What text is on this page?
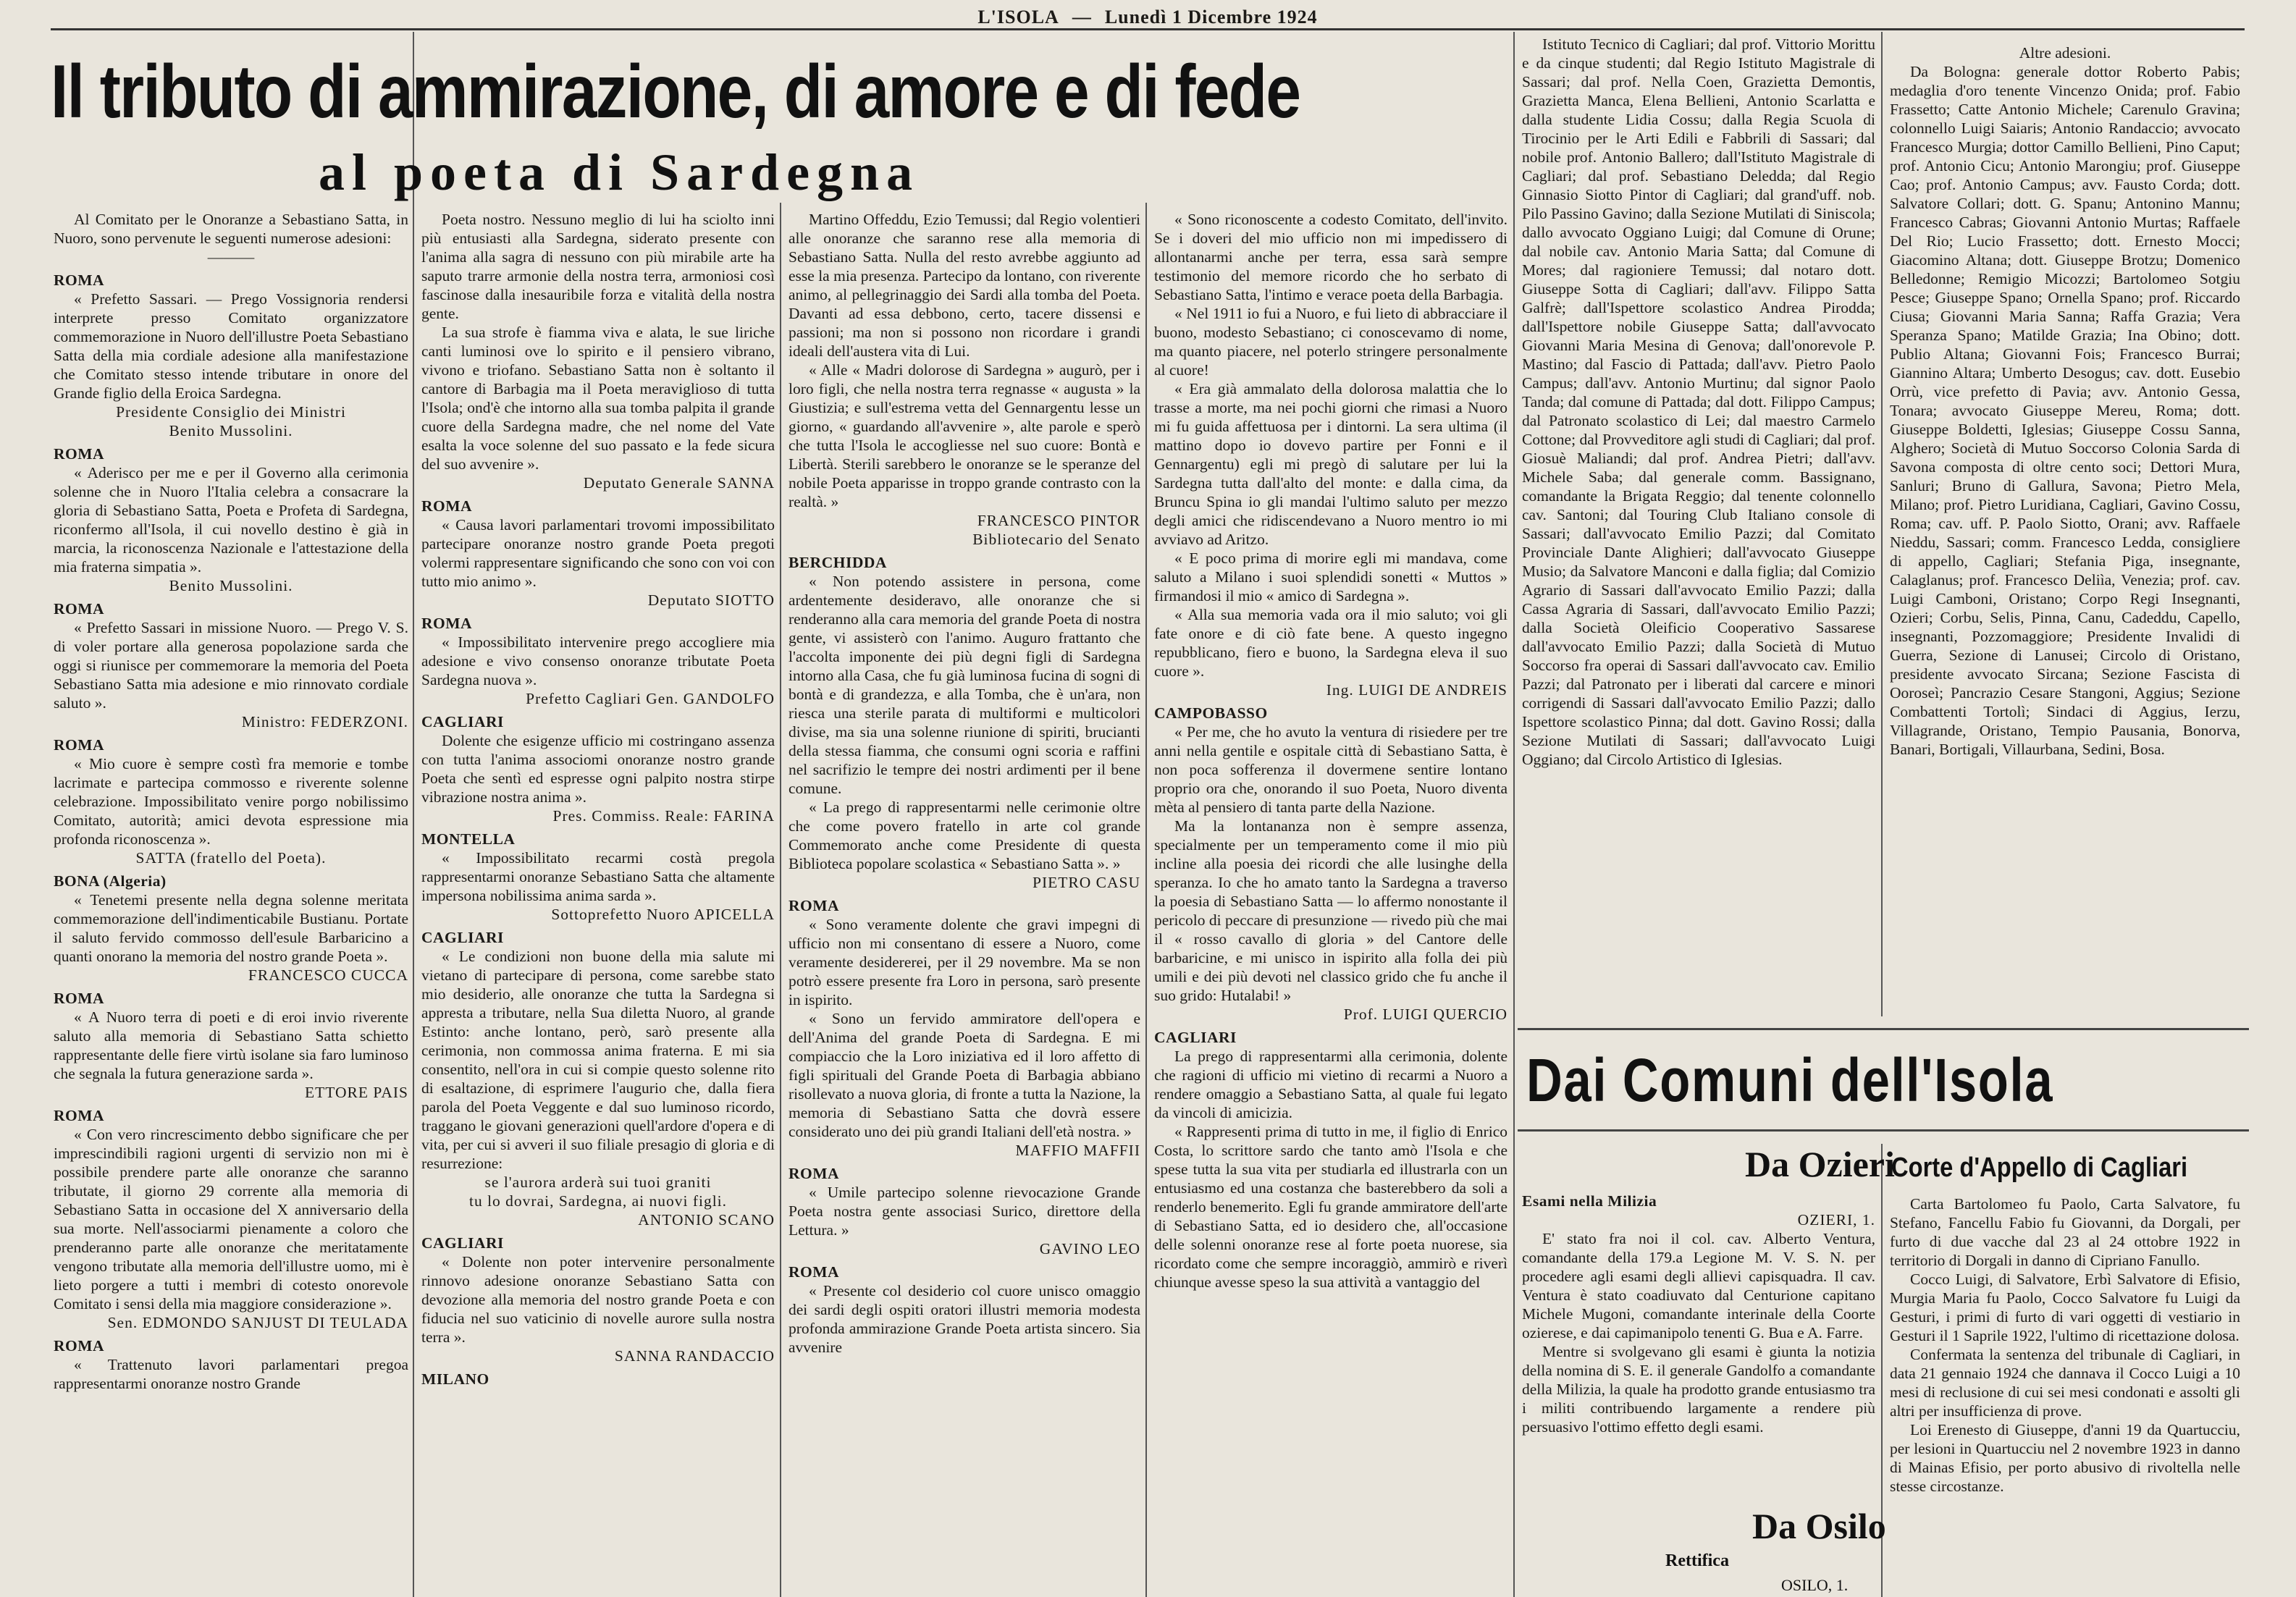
L'ISOLA — Lunedì 1 Dicembre 1924
Il tributo di ammirazione, di amore e di fede
al poeta di Sardegna

Al Comitato per le Onoranze a Sebastiano Satta, in Nuoro, sono pervenute le seguenti numerose adesioni:

———

ROMA

« Prefetto Sassari. — Prego Vossignoria rendersi interprete presso Comitato organizzatore commemorazione in Nuoro dell'illustre Poeta Sebastiano Satta della mia cordiale adesione alla manifestazione che Comitato stesso intende tributare in onore del Grande figlio della Eroica Sardegna.

Presidente Consiglio dei Ministri

Benito Mussolini.

ROMA

« Aderisco per me e per il Governo alla cerimonia solenne che in Nuoro l'Italia celebra a consacrare la gloria di Sebastiano Satta, Poeta e Profeta di Sardegna, riconfermo all'Isola, il cui novello destino è già in marcia, la riconoscenza Nazionale e l'attestazione della mia fraterna simpatia ».

Benito Mussolini.

ROMA

« Prefetto Sassari in missione Nuoro. — Prego V. S. di voler portare alla generosa popolazione sarda che oggi si riunisce per commemorare la memoria del Poeta Sebastiano Satta mia adesione e mio rinnovato cordiale saluto ».

Ministro: FEDERZONI.

ROMA

« Mio cuore è sempre costì fra memorie e tombe lacrimate e partecipa commosso e riverente solenne celebrazione. Impossibilitato venire porgo nobilissimo Comitato, autorità; amici devota espressione mia profonda riconoscenza ».

SATTA (fratello del Poeta).

BONA (Algeria)

« Tenetemi presente nella degna solenne meritata commemorazione dell'indimenticabile Bustianu. Portate il saluto fervido commosso dell'esule Barbaricino a quanti onorano la memoria del nostro grande Poeta ».

FRANCESCO CUCCA

ROMA

« A Nuoro terra di poeti e di eroi invio riverente saluto alla memoria di Sebastiano Satta schietto rappresentante delle fiere virtù isolane sia faro luminoso che segnala la futura generazione sarda ».

ETTORE PAIS

ROMA

« Con vero rincrescimento debbo significare che per imprescindibili ragioni urgenti di servizio non mi è possibile prendere parte alle onoranze che saranno tributate, il giorno 29 corrente alla memoria di Sebastiano Satta in occasione del X anniversario della sua morte. Nell'associarmi pienamente a coloro che prenderanno parte alle onoranze che meritatamente vengono tributate alla memoria dell'illustre uomo, mi è lieto porgere a tutti i membri di cotesto onorevole Comitato i sensi della mia maggiore considerazione ».

Sen. EDMONDO SANJUST DI TEULADA

ROMA

« Trattenuto lavori parlamentari pregoa rappresentarmi onoranze nostro Grande

Poeta nostro. Nessuno meglio di lui ha sciolto inni più entusiasti alla Sardegna, siderato presente con l'anima alla sagra di nessuno con più mirabile arte ha saputo trarre armonie della nostra terra, armoniosi così fascinose dalla inesauribile forza e vitalità della nostra gente.

La sua strofe è fiamma viva e alata, le sue liriche canti luminosi ove lo spirito e il pensiero vibrano, vivono e triofano. Sebastiano Satta non è soltanto il cantore di Barbagia ma il Poeta meraviglioso di tutta l'Isola; ond'è che intorno alla sua tomba palpita il grande cuore della Sardegna madre, che nel nome del Vate esalta la voce solenne del suo passato e la fede sicura del suo avvenire ».

Deputato Generale SANNA

ROMA

« Causa lavori parlamentari trovomi impossibilitato partecipare onoranze nostro grande Poeta pregoti volermi rappresentare significando che sono con voi con tutto mio animo ».

Deputato SIOTTO

ROMA

« Impossibilitato intervenire prego accogliere mia adesione e vivo consenso onoranze tributate Poeta Sardegna nuova ».

Prefetto Cagliari Gen. GANDOLFO

CAGLIARI

Dolente che esigenze ufficio mi costringano assenza con tutta l'anima associomi onoranze nostro grande Poeta che sentì ed espresse ogni palpito nostra stirpe vibrazione nostra anima ».

Pres. Commiss. Reale: FARINA

MONTELLA

« Impossibilitato recarmi costà pregola rappresentarmi onoranze Sebastiano Satta che altamente impersona nobilissima anima sarda ».

Sottoprefetto Nuoro APICELLA

CAGLIARI

« Le condizioni non buone della mia salute mi vietano di partecipare di persona, come sarebbe stato mio desiderio, alle onoranze che tutta la Sardegna si appresta a tributare, nella Sua diletta Nuoro, al grande Estinto: anche lontano, però, sarò presente alla cerimonia, non commossa anima fraterna. E mi sia consentito, nell'ora in cui si compie questo solenne rito di esaltazione, di esprimere l'augurio che, dalla fiera parola del Poeta Veggente e dal suo luminoso ricordo, traggano le giovani generazioni quell'ardore d'opera e di vita, per cui si avveri il suo filiale presagio di gloria e di resurrezione:

se l'aurora arderà sui tuoi graniti

tu lo dovrai, Sardegna, ai nuovi figli.

ANTONIO SCANO

CAGLIARI

« Dolente non poter intervenire personalmente rinnovo adesione onoranze Sebastiano Satta con devozione alla memoria del nostro grande Poeta e con fiducia nel suo vaticinio di novelle aurore sulla nostra terra ».

SANNA RANDACCIO

MILANO

Martino Offeddu, Ezio Temussi; dal Regio volentieri alle onoranze che saranno rese alla memoria di Sebastiano Satta. Nulla del resto avrebbe aggiunto ad esse la mia presenza. Partecipo da lontano, con riverente animo, al pellegrinaggio dei Sardi alla tomba del Poeta. Davanti ad essa debbono, certo, tacere dissensi e passioni; ma non si possono non ricordare i grandi ideali dell'austera vita di Lui.

« Alle « Madri dolorose di Sardegna » augurò, per i loro figli, che nella nostra terra regnasse « augusta » la Giustizia; e sull'estrema vetta del Gennargentu lesse un giorno, « guardando all'avvenire », alte parole e sperò che tutta l'Isola le accogliesse nel suo cuore: Bontà e Libertà. Sterili sarebbero le onoranze se le speranze del nobile Poeta apparisse in troppo grande contrasto con la realtà. »

FRANCESCO PINTOR

Bibliotecario del Senato

BERCHIDDA

« Non potendo assistere in persona, come ardentemente desideravo, alle onoranze che si renderanno alla cara memoria del grande Poeta di nostra gente, vi assisterò con l'animo. Auguro frattanto che l'accolta imponente dei più degni figli di Sardegna intorno alla Casa, che fu già luminosa fucina di sogni di bontà e di grandezza, e alla Tomba, che è un'ara, non riesca una sterile parata di multiformi e multicolori divise, ma sia una solenne riunione di spiriti, brucianti della stessa fiamma, che consumi ogni scoria e raffini nel sacrifizio le tempre dei nostri ardimenti per il bene comune.

« La prego di rappresentarmi nelle cerimonie oltre che come povero fratello in arte col grande Commemorato anche come Presidente di questa Biblioteca popolare scolastica « Sebastiano Satta ». »

PIETRO CASU

ROMA

« Sono veramente dolente che gravi impegni di ufficio non mi consentano di essere a Nuoro, come veramente desidererei, per il 29 novembre. Ma se non potrò essere presente fra Loro in persona, sarò presente in ispirito.

« Sono un fervido ammiratore dell'opera e dell'Anima del grande Poeta di Sardegna. E mi compiaccio che la Loro iniziativa ed il loro affetto di figli spirituali del Grande Poeta di Barbagia abbiano risollevato a nuova gloria, di fronte a tutta la Nazione, la memoria di Sebastiano Satta che dovrà essere considerato uno dei più grandi Italiani dell'età nostra. »

MAFFIO MAFFII

ROMA

« Umile partecipo solenne rievocazione Grande Poeta nostra gente associasi Surico, direttore della Lettura. »

GAVINO LEO

ROMA

« Presente col desiderio col cuore unisco omaggio dei sardi degli ospiti oratori illustri memoria modesta profonda ammirazione Grande Poeta artista sincero. Sia avvenire

« Sono riconoscente a codesto Comitato, dell'invito. Se i doveri del mio ufficio non mi impedissero di allontanarmi anche per terra, essa sarà sempre testimonio del memore ricordo che ho serbato di Sebastiano Satta, l'intimo e verace poeta della Barbagia.

« Nel 1911 io fui a Nuoro, e fui lieto di abbracciare il buono, modesto Sebastiano; ci conoscevamo di nome, ma quanto piacere, nel poterlo stringere personalmente al cuore!

« Era già ammalato della dolorosa malattia che lo trasse a morte, ma nei pochi giorni che rimasi a Nuoro mi fu guida affettuosa per i dintorni. La sera ultima (il mattino dopo io dovevo partire per Fonni e il Gennargentu) egli mi pregò di salutare per lui la Sardegna tutta dall'alto del monte: e dalla cima, da Bruncu Spina io gli mandai l'ultimo saluto per mezzo degli amici che ridiscendevano a Nuoro mentro io mi avviavo ad Aritzo.

« E poco prima di morire egli mi mandava, come saluto a Milano i suoi splendidi sonetti « Muttos » firmandosi il mio « amico di Sardegna ».

« Alla sua memoria vada ora il mio saluto; voi gli fate onore e di ciò fate bene. A questo ingegno repubblicano, fiero e buono, la Sardegna eleva il suo cuore ».

Ing. LUIGI DE ANDREIS

CAMPOBASSO

« Per me, che ho avuto la ventura di risiedere per tre anni nella gentile e ospitale città di Sebastiano Satta, è non poca sofferenza il dovermene sentire lontano proprio ora che, onorando il suo Poeta, Nuoro diventa mèta al pensiero di tanta parte della Nazione.

Ma la lontananza non è sempre assenza, specialmente per un temperamento come il mio più incline alla poesia dei ricordi che alle lusinghe della speranza. Io che ho amato tanto la Sardegna a traverso la poesia di Sebastiano Satta — lo affermo nonostante il pericolo di peccare di presunzione — rivedo più che mai il « rosso cavallo di gloria » del Cantore delle barbaricine, e mi unisco in ispirito alla folla dei più umili e dei più devoti nel classico grido che fu anche il suo grido: Hutalabi! »

Prof. LUIGI QUERCIO

CAGLIARI

La prego di rappresentarmi alla cerimonia, dolente che ragioni di ufficio mi vietino di recarmi a Nuoro a rendere omaggio a Sebastiano Satta, al quale fui legato da vincoli di amicizia.

« Rappresenti prima di tutto in me, il figlio di Enrico Costa, lo scrittore sardo che tanto amò l'Isola e che spese tutta la sua vita per studiarla ed illustrarla con un entusiasmo ed una costanza che basterebbero da soli a renderlo benemerito. Egli fu grande ammiratore dell'arte di Sebastiano Satta, ed io desidero che, all'occasione delle solenni onoranze rese al forte poeta nuorese, sia ricordato come che sempre incoraggiò, ammirò e riverì chiunque avesse speso la sua attività a vantaggio del

Istituto Tecnico di Cagliari; dal prof. Vittorio Morittu e da cinque studenti; dal Regio Istituto Magistrale di Sassari; dal prof. Nella Coen, Grazietta Demontis, Grazietta Manca, Elena Bellieni, Antonio Scarlatta e dalla studente Lidia Cossu; dalla Regia Scuola di Tirocinio per le Arti Edili e Fabbrili di Sassari; dal nobile prof. Antonio Ballero; dall'Istituto Magistrale di Cagliari; dal prof. Sebastiano Deledda; dal Regio Ginnasio Siotto Pintor di Cagliari; dal grand'uff. nob. Pilo Passino Gavino; dalla Sezione Mutilati di Siniscola; dallo avvocato Oggiano Luigi; dal Comune di Orune; dal nobile cav. Antonio Maria Satta; dal Comune di Mores; dal ragioniere Temussi; dal notaro dott. Giuseppe Sotta di Cagliari; dall'avv. Filippo Satta Galfrè; dall'Ispettore scolastico Andrea Pirodda; dall'Ispettore nobile Giuseppe Satta; dall'avvocato Giovanni Maria Mesina di Genova; dall'onorevole P. Mastino; dal Fascio di Pattada; dall'avv. Pietro Paolo Campus; dall'avv. Antonio Murtinu; dal signor Paolo Tanda; dal comune di Pattada; dal dott. Filippo Campus; dal Patronato scolastico di Lei; dal maestro Carmelo Cottone; dal Provveditore agli studi di Cagliari; dal prof. Giosuè Maliandi; dal prof. Andrea Pietri; dall'avv. Michele Saba; dal generale comm. Bassignano, comandante la Brigata Reggio; dal tenente colonnello cav. Santoni; dal Touring Club Italiano console di Sassari; dall'avvocato Emilio Pazzi; dal Comitato Provinciale Dante Alighieri; dall'avvocato Giuseppe Musio; da Salvatore Manconi e dalla figlia; dal Comizio Agrario di Sassari dall'avvocato Emilio Pazzi; dalla Cassa Agraria di Sassari, dall'avvocato Emilio Pazzi; dalla Società Oleificio Cooperativo Sassarese dall'avvocato Emilio Pazzi; dalla Società di Mutuo Soccorso fra operai di Sassari dall'avvocato cav. Emilio Pazzi; dal Patronato per i liberati dal carcere e minori corrigendi di Sassari dall'avvocato Emilio Pazzi; dallo Ispettore scolastico Pinna; dal dott. Gavino Rossi; dalla Sezione Mutilati di Sassari; dall'avvocato Luigi Oggiano; dal Circolo Artistico di Iglesias.

Altre adesioni.

Da Bologna: generale dottor Roberto Pabis; medaglia d'oro tenente Vincenzo Onida; prof. Fabio Frassetto; Catte Antonio Michele; Carenulo Gravina; colonnello Luigi Saiaris; Antonio Randaccio; avvocato Francesco Murgia; dottor Camillo Bellieni, Pino Caput; prof. Antonio Cicu; Antonio Marongiu; prof. Giuseppe Cao; prof. Antonio Campus; avv. Fausto Corda; dott. Salvatore Collari; dott. G. Spanu; Antonino Mannu; Francesco Cabras; Giovanni Antonio Murtas; Raffaele Del Rio; Lucio Frassetto; dott. Ernesto Mocci; Giacomino Altana; dott. Giuseppe Brotzu; Domenico Belledonne; Remigio Micozzi; Bartolomeo Sotgiu Pesce; Giuseppe Spano; Ornella Spano; prof. Riccardo Ciusa; Giovanni Maria Sanna; Raffa Grazia; Vera Speranza Spano; Matilde Grazia; Ina Obino; dott. Publio Altana; Giovanni Fois; Francesco Burrai; Giannino Altara; Umberto Desogus; cav. dott. Eusebio Orrù, vice prefetto di Pavia; avv. Antonio Gessa, Tonara; avvocato Giuseppe Mereu, Roma; dott. Giuseppe Boldetti, Iglesias; Giuseppe Cossu Sanna, Alghero; Società di Mutuo Soccorso Colonia Sarda di Savona composta di oltre cento soci; Dettori Mura, Sanluri; Bruno di Gallura, Savona; Pietro Mela, Milano; prof. Pietro Luridiana, Cagliari, Gavino Cossu, Roma; cav. uff. P. Paolo Siotto, Orani; avv. Raffaele Nieddu, Sassari; comm. Francesco Ledda, consigliere di appello, Cagliari; Stefania Piga, insegnante, Calaglanus; prof. Francesco Deliìa, Venezia; prof. cav. Luigi Camboni, Oristano; Corpo Regi Insegnanti, Ozieri; Corbu, Selis, Pinna, Canu, Cadeddu, Capello, insegnanti, Pozzomaggiore; Presidente Invalidi di Guerra, Sezione di Lanusei; Circolo di Oristano, presidente avvocato Sircana; Sezione Fascista di Ooroseì; Pancrazio Cesare Stangoni, Aggius; Sezione Combattenti Tortolì; Sindaci di Aggius, Ierzu, Villagrande, Oristano, Tempio Pausania, Bonorva, Banari, Bortigali, Villaurbana, Sedini, Bosa.

Dai Comuni dell'Isola
Da Ozieri

Esami nella Milizia

OZIERI, 1.

E' stato fra noi il col. cav. Alberto Ventura, comandante della 179.a Legione M. V. S. N. per procedere agli esami degli allievi capisquadra. Il cav. Ventura è stato coadiuvato dal Centurione capitano Michele Mugoni, comandante interinale della Coorte ozierese, e dai capimanipolo tenenti G. Bua e A. Farre.

Mentre si svolgevano gli esami è giunta la notizia della nomina di S. E. il generale Gandolfo a comandante della Milizia, la quale ha prodotto grande entusiasmo tra i militi contribuendo largamente a rendere più persuasivo l'ottimo effetto degli esami.

Da Osilo
Rettifica
OSILO, 1.
Corte d'Appello di Cagliari

Carta Bartolomeo fu Paolo, Carta Salvatore, fu Stefano, Fancellu Fabio fu Giovanni, da Dorgali, per furto di due vacche dal 23 al 24 ottobre 1922 in territorio di Dorgali in danno di Cipriano Fanullo.

Cocco Luigi, di Salvatore, Erbì Salvatore di Efisio, Murgia Maria fu Paolo, Cocco Salvatore fu Luigi da Gesturi, i primi di furto di vari oggetti di vestiario in Gesturi il 1 Saprile 1922, l'ultimo di ricettazione dolosa.

Confermata la sentenza del tribunale di Cagliari, in data 21 gennaio 1924 che dannava il Cocco Luigi a 10 mesi di reclusione di cui sei mesi condonati e assolti gli altri per insufficienza di prove.

Loi Erenesto di Giuseppe, d'anni 19 da Quartucciu, per lesioni in Quartucciu nel 2 novembre 1923 in danno di Mainas Efisio, per porto abusivo di rivoltella nelle stesse circostanze.
